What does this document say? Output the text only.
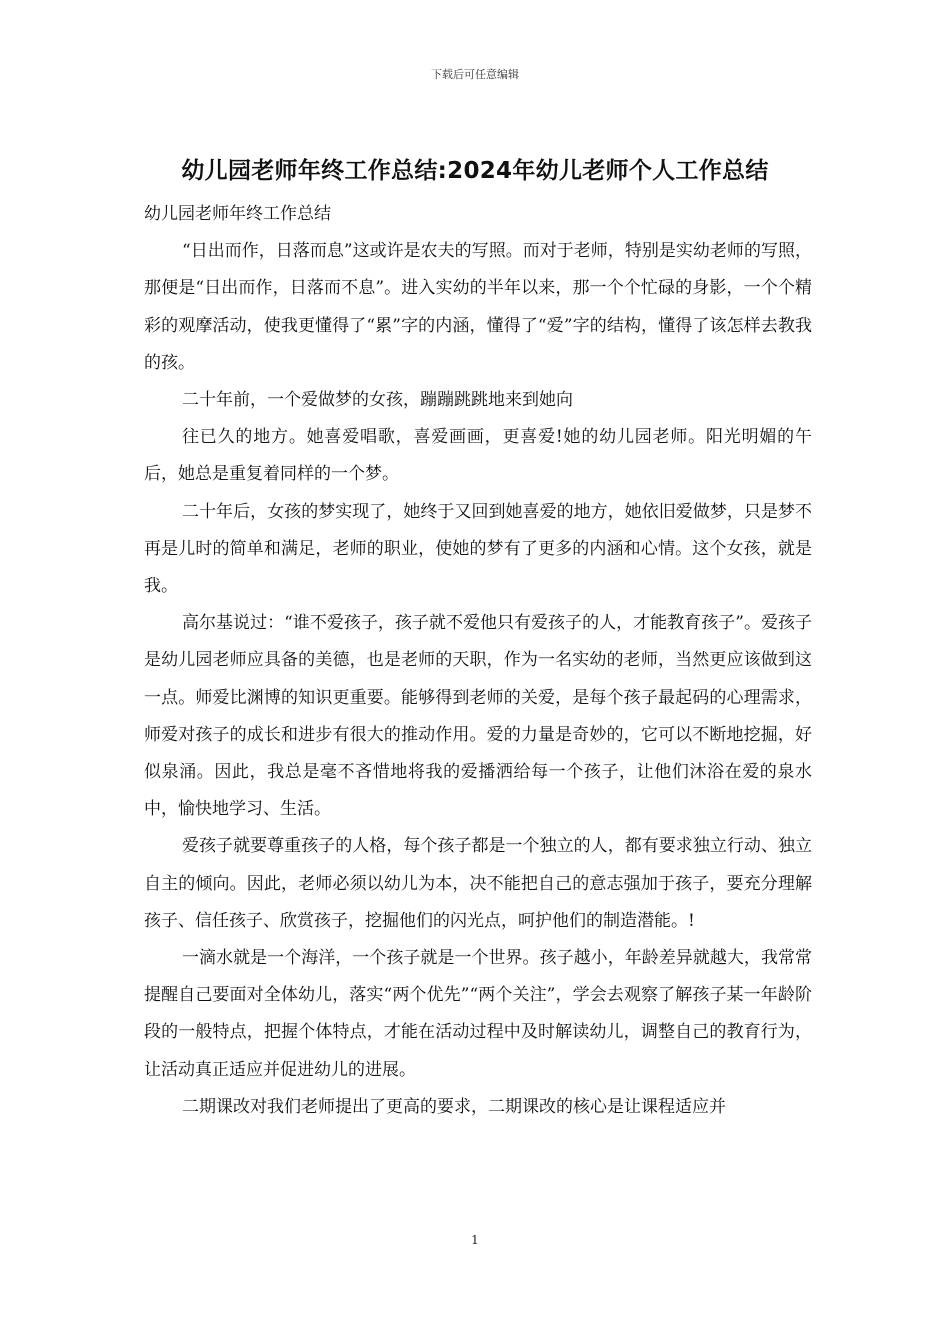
下载后可任意编辑
幼儿园老师年终工作总结:2024年幼儿老师个人工作总结

幼儿园老师年终工作总结

“日出而作，日落而息”这或许是农夫的写照。而对于老师，特别是实幼老师的写照，那便是“日出而作，日落而不息”。进入实幼的半年以来，那一个个忙碌的身影，一个个精彩的观摩活动，使我更懂得了“累”字的内涵，懂得了“爱”字的结构，懂得了该怎样去教我的孩。

二十年前，一个爱做梦的女孩，蹦蹦跳跳地来到她向

往已久的地方。她喜爱唱歌，喜爱画画，更喜爱!她的幼儿园老师。阳光明媚的午后，她总是重复着同样的一个梦。

二十年后，女孩的梦实现了，她终于又回到她喜爱的地方，她依旧爱做梦，只是梦不再是儿时的简单和满足，老师的职业，使她的梦有了更多的内涵和心情。这个女孩，就是我。

高尔基说过：“谁不爱孩子，孩子就不爱他只有爱孩子的人，才能教育孩子”。爱孩子是幼儿园老师应具备的美德，也是老师的天职，作为一名实幼的老师，当然更应该做到这一点。师爱比渊博的知识更重要。能够得到老师的关爱，是每个孩子最起码的心理需求，师爱对孩子的成长和进步有很大的推动作用。爱的力量是奇妙的，它可以不断地挖掘，好似泉涌。因此，我总是毫不吝惜地将我的爱播洒给每一个孩子，让他们沐浴在爱的泉水中，愉快地学习、生活。

爱孩子就要尊重孩子的人格，每个孩子都是一个独立的人，都有要求独立行动、独立自主的倾向。因此，老师必须以幼儿为本，决不能把自己的意志强加于孩子，要充分理解孩子、信任孩子、欣赏孩子，挖掘他们的闪光点，呵护他们的制造潜能。!

一滴水就是一个海洋，一个孩子就是一个世界。孩子越小，年龄差异就越大，我常常提醒自己要面对全体幼儿，落实“两个优先”“两个关注”，学会去观察了解孩子某一年龄阶段的一般特点，把握个体特点，才能在活动过程中及时解读幼儿，调整自己的教育行为，让活动真正适应并促进幼儿的进展。

二期课改对我们老师提出了更高的要求，二期课改的核心是让课程适应并

1
